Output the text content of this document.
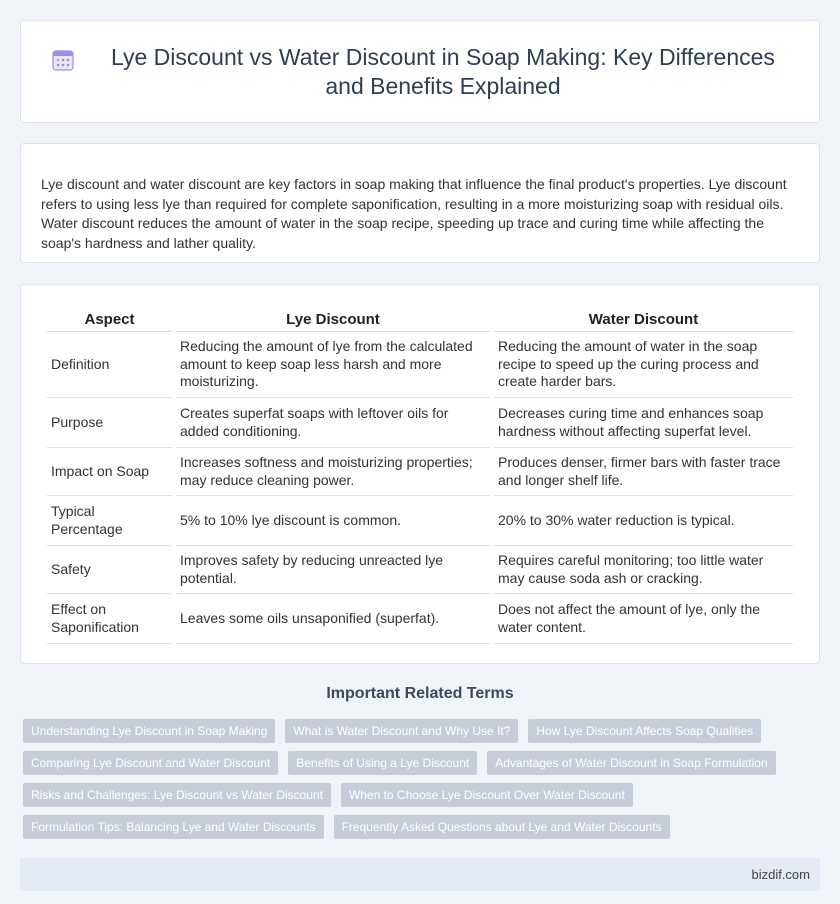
Lye Discount vs Water Discount in Soap Making: Key Differences and Benefits Explained

Lye discount and water discount are key factors in soap making that influence the final product's properties. Lye discount refers to using less lye than required for complete saponification, resulting in a more moisturizing soap with residual oils. Water discount reduces the amount of water in the soap recipe, speeding up trace and curing time while affecting the soap's hardness and lather quality.

Aspect	Lye Discount	Water Discount
Definition	Reducing the amount of lye from the calculated amount to keep soap less harsh and more moisturizing.	Reducing the amount of water in the soap recipe to speed up the curing process and create harder bars.
Purpose	Creates superfat soaps with leftover oils for added conditioning.	Decreases curing time and enhances soap hardness without affecting superfat level.
Impact on Soap	Increases softness and moisturizing properties; may reduce cleaning power.	Produces denser, firmer bars with faster trace and longer shelf life.
Typical Percentage	5% to 10% lye discount is common.	20% to 30% water reduction is typical.
Safety	Improves safety by reducing unreacted lye potential.	Requires careful monitoring; too little water may cause soda ash or cracking.
Effect on Saponification	Leaves some oils unsaponified (superfat).	Does not affect the amount of lye, only the water content.
Important Related Terms
Understanding Lye Discount in Soap Making	What is Water Discount and Why Use It?	How Lye Discount Affects Soap Qualities
Comparing Lye Discount and Water Discount	Benefits of Using a Lye Discount	Advantages of Water Discount in Soap Formulation
Risks and Challenges: Lye Discount vs Water Discount	When to Choose Lye Discount Over Water Discount
Formulation Tips: Balancing Lye and Water Discounts	Frequently Asked Questions about Lye and Water Discounts
bizdif.com
